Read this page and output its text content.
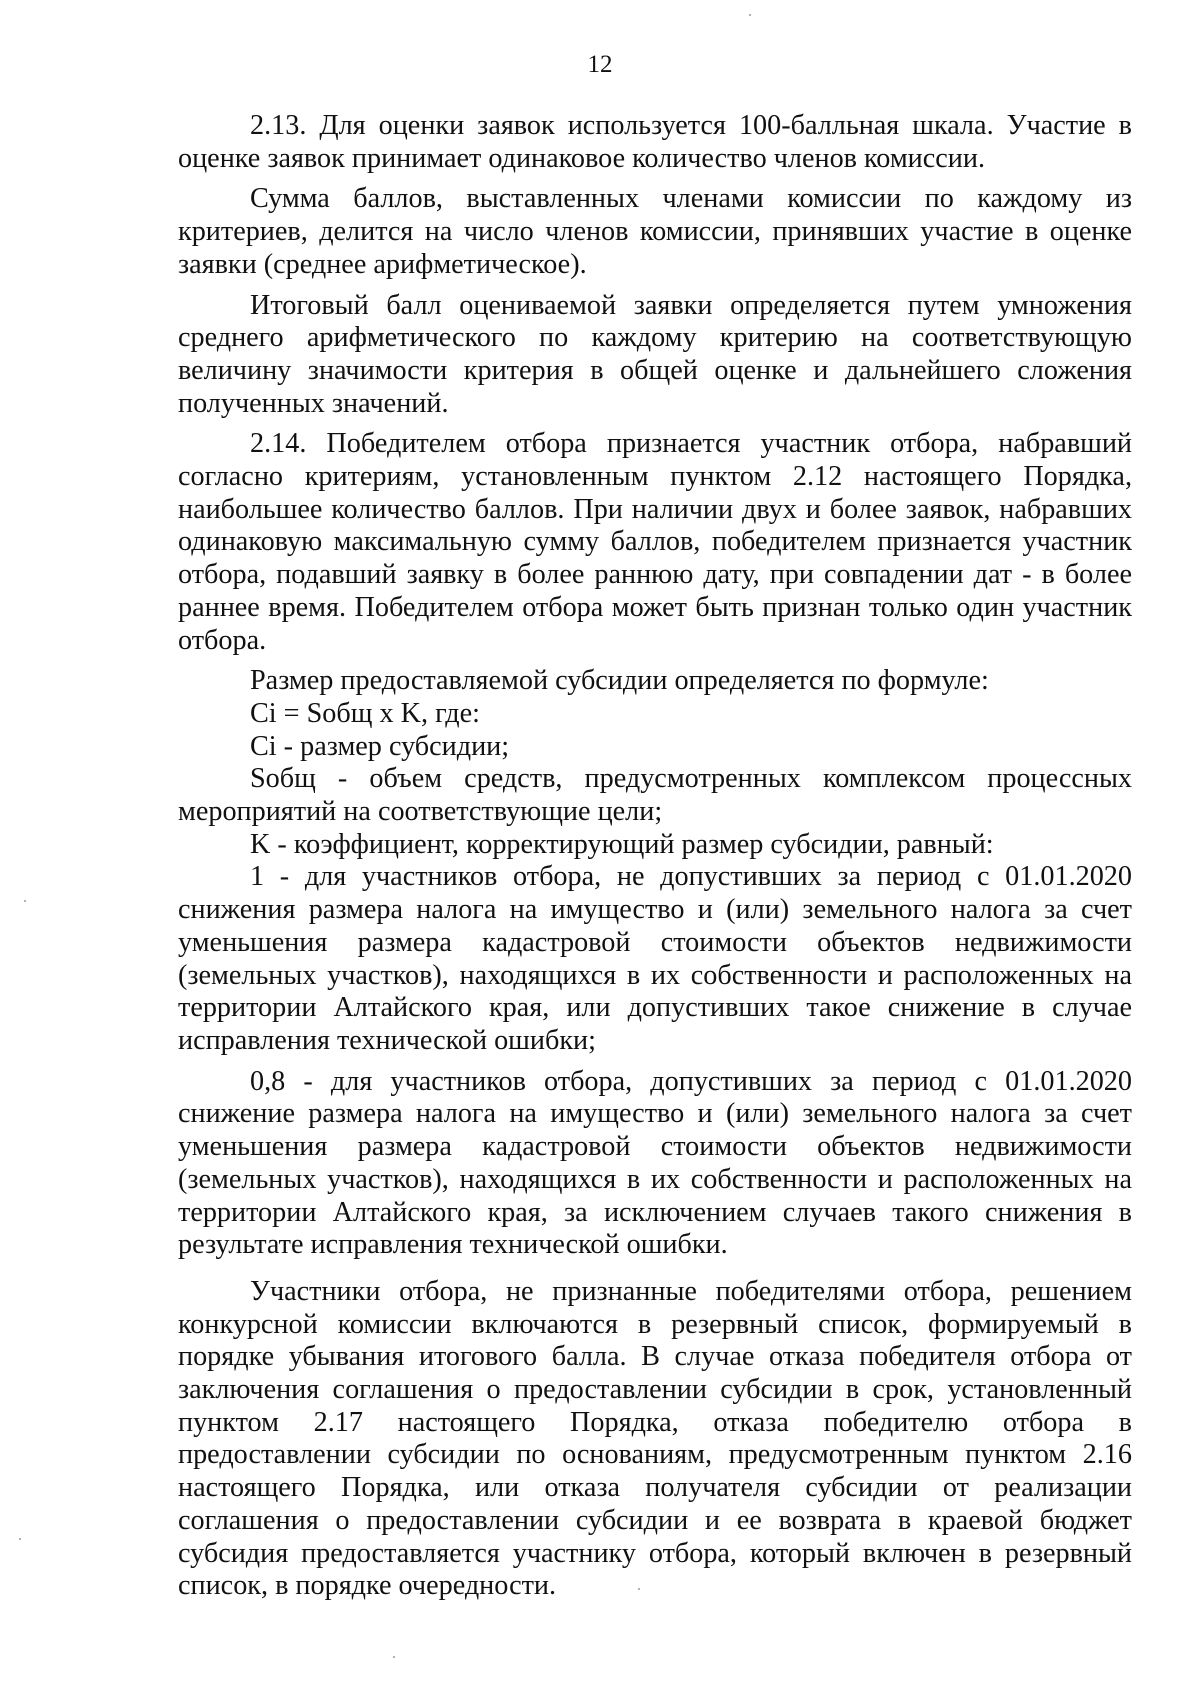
12

2.13. Для оценки заявок используется 100-балльная шкала. Участие в оценке заявок принимает одинаковое количество членов комиссии.

Сумма баллов, выставленных членами комиссии по каждому из критериев, делится на число членов комиссии, принявших участие в оценке заявки (среднее арифметическое).

Итоговый балл оцениваемой заявки определяется путем умножения среднего арифметического по каждому критерию на соответствующую величину значимости критерия в общей оценке и дальнейшего сложения полученных значений.

2.14. Победителем отбора признается участник отбора, набравший согласно критериям, установленным пунктом 2.12 настоящего Порядка, наибольшее количество баллов. При наличии двух и более заявок, набравших одинаковую максимальную сумму баллов, победителем признается участник отбора, подавший заявку в более раннюю дату, при совпадении дат - в более раннее время. Победителем отбора может быть признан только один участник отбора.

Размер предоставляемой субсидии определяется по формуле:

Ci = Sобщ x K, где:

Ci - размер субсидии;

Sобщ - объем средств, предусмотренных комплексом процессных мероприятий на соответствующие цели;

K - коэффициент, корректирующий размер субсидии, равный:

1 - для участников отбора, не допустивших за период с 01.01.2020 снижения размера налога на имущество и (или) земельного налога за счет уменьшения размера кадастровой стоимости объектов недвижимости (земельных участков), находящихся в их собственности и расположенных на территории Алтайского края, или допустивших такое снижение в случае исправления технической ошибки;

0,8 - для участников отбора, допустивших за период с 01.01.2020 снижение размера налога на имущество и (или) земельного налога за счет уменьшения размера кадастровой стоимости объектов недвижимости (земельных участков), находящихся в их собственности и расположенных на территории Алтайского края, за исключением случаев такого снижения в результате исправления технической ошибки.

Участники отбора, не признанные победителями отбора, решением конкурсной комиссии включаются в резервный список, формируемый в порядке убывания итогового балла. В случае отказа победителя отбора от заключения соглашения о предоставлении субсидии в срок, установленный пунктом 2.17 настоящего Порядка, отказа победителю отбора в предоставлении субсидии по основаниям, предусмотренным пунктом 2.16 настоящего Порядка, или отказа получателя субсидии от реализации соглашения о предоставлении субсидии и ее возврата в краевой бюджет субсидия предоставляется участнику отбора, который включен в резервный список, в порядке очередности.
